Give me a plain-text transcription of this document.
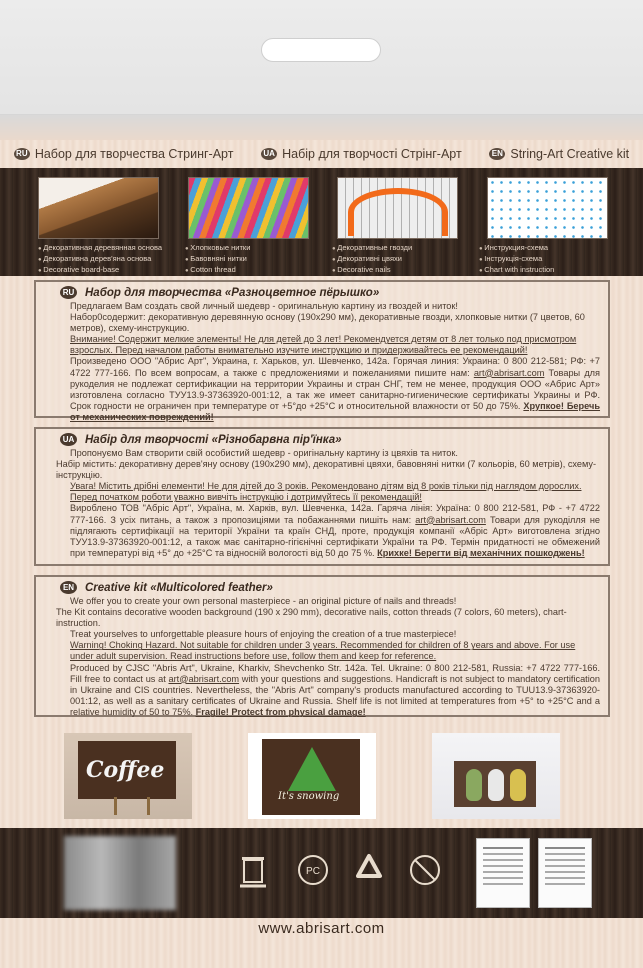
RU Набор для творчества Стринг-Арт	UA Набір для творчості Стрінг-Арт	EN String-Art Creative kit
● Декоративная деревянная основа
● Декоративна дерев'яна основа
● Decorative board-base
● Хлопковые нитки
● Бавовняні нитки
● Cotton thread
● Декоративные гвозди
● Декоративні цвяхи
● Decorative nails
● Инструкция-схема
● Інструкція-схема
● Chart with instruction
RU Набор для творчества «Разноцветное пёрышко»
Предлагаем Вам создать свой личный шедевр - оригинальную картину из гвоздей и ниток!
Набор0содержит: декоративную деревянную основу (190х290 мм), декоративные гвозди, хлопковые нитки (7 цветов, 60 метров), схему-инструкцию.
Внимание! Содержит мелкие элементы! Не для детей до 3 лет! Рекомендуется детям от 8 лет только под присмотром взрослых. Перед началом работы внимательно изучите инструкцию и придерживайтесь ее рекомендаций!
Произведено ООО "Абрис Арт", Украина, г. Харьков, ул. Шевченко, 142а. Горячая линия: Украина: 0 800 212-581; РФ: +7 4722 777-166. По всем вопросам, а также с предложениями и пожеланиями пишите нам: art@abrisart.com Товары для рукоделия не подлежат сертификации на территории Украины и стран СНГ, тем не менее, продукция ООО «Абрис Арт» изготовлена согласно ТУУ13.9-37363920-001:12, а так же имеет санитарно-гигиенические сертификаты Украины и РФ. Срок годности не ограничен при температуре от +5°до +25°С и относительной влажности от 50 до 75%. Хрупкое! Беречь от механических повреждений!
UA Набір для творчості «Різнобарвна пір'їнка»
Пропонуємо Вам створити свій особистий шедевр - оригінальну картину із цвяхів та ниток.
Набір містить: декоративну дерев'яну основу (190х290 мм), декоративні цвяхи, бавовняні нитки (7 кольорів, 60 метрів), схему-інструкцію.
Увага! Містить дрібні елементи! Не для дітей до 3 років. Рекомендовано дітям від 8 років тільки під наглядом дорослих. Перед початком роботи уважно вивчіть інструкцію і дотримуйтесь її рекомендацій!
Вироблено ТОВ "Абріс Арт", Україна, м. Харків, вул. Шевченка, 142а. Гаряча лінія: Україна: 0 800 212-581, РФ - +7 4722 777-166. З усіх питань, а також з пропозиціями та побажаннями пишіть нам: art@abrisart.com Товари для рукоділля не підлягають сертифікації на території України та країн СНД, проте, продукція компанії «Абріс Арт» виготовлена згідно ТУУ13.9-37363920-001:12, а також має санітарно-гігієнічні сертифікати України та РФ. Термін придатності не обмежений при температурі від +5° до +25°С та відносній вологості від 50 до 75 %. Крихке! Берегти від механічних пошкоджень!
EN Creative kit «Multicolored feather»
We offer you to create your own personal masterpiece - an original picture of nails and threads!
The Kit contains decorative wooden background (190 x 290 mm), decorative nails, cotton threads (7 colors, 60 meters), chart-instruction.
Treat yourselves to unforgettable pleasure hours of enjoying the creation of a true masterpiece!
Warning! Choking Hazard. Not suitable for children under 3 years. Recommended for children of 8 years and above. For use under adult supervision. Read instructions before use, follow them and keep for reference.
Produced by CJSC "Abris Art", Ukraine, Kharkiv, Shevchenko Str. 142a. Tel. Ukraine: 0 800 212-581, Russia: +7 4722 777-166. Fill free to contact us at art@abrisart.com with your questions and suggestions. Handicraft is not subject to mandatory certification in Ukraine and CIS countries. Nevertheless, the "Abris Art" company's products manufactured according to TUU13.9-37363920-001:12, as well as a sanitary certificates of Ukraine and Russia. Shelf life is not limited at temperatures from +5° to +25°C and a relative humidity of 50 to 75%. Fragile! Protect from physical damage!
Coffee
It's snowing
PC
www.abrisart.com
